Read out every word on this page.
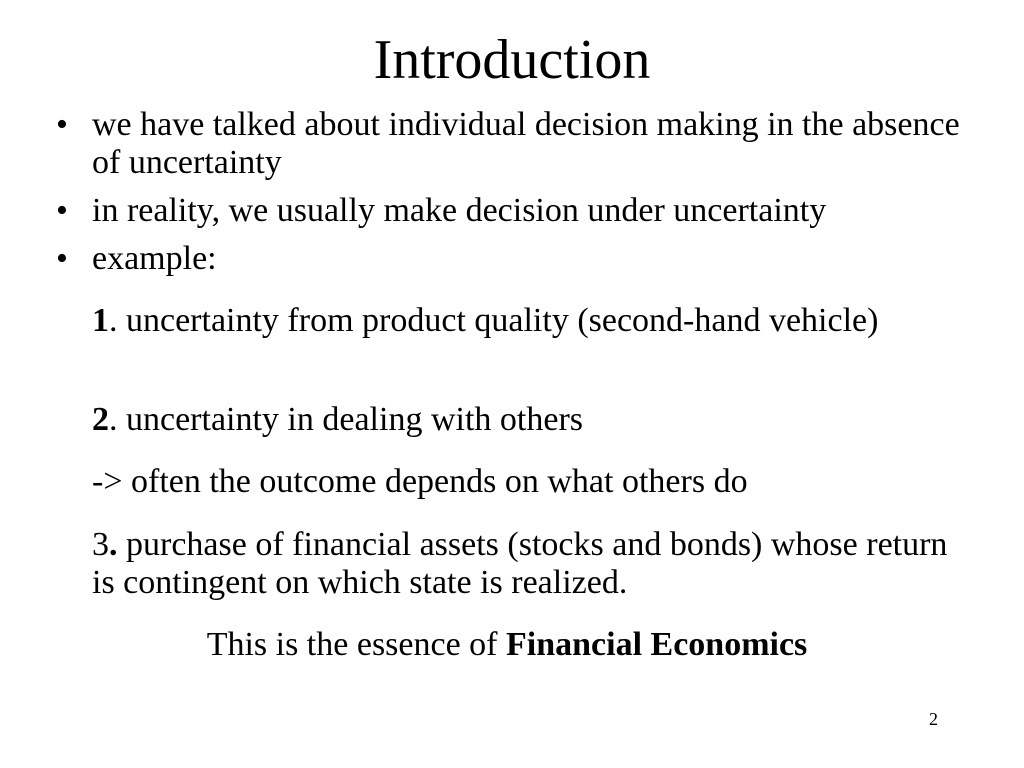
Introduction
• we have talked about individual decision making in the absence of uncertainty
• in reality, we usually make decision under uncertainty
• example:
1. uncertainty from product quality (second-hand vehicle)
2. uncertainty in dealing with others
-> often the outcome depends on what others do
3. purchase of financial assets (stocks and bonds) whose return is contingent on which state is realized.
This is the essence of Financial Economics
2
